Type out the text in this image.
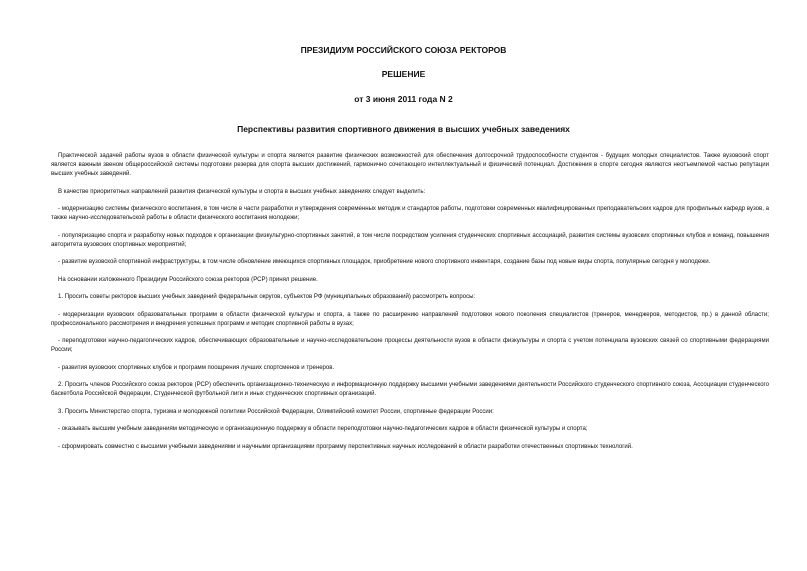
ПРЕЗИДИУМ РОССИЙСКОГО СОЮЗА РЕКТОРОВ
РЕШЕНИЕ
от 3 июня 2011 года N 2
Перспективы развития спортивного движения в высших учебных заведениях

Практической задачей работы вузов в области физической культуры и спорта является развитие физических возможностей для обеспечения долгосрочной трудоспособности студентов - будущих молодых специалистов. Также вузовский спорт является важным звеном общероссийской системы подготовки резерва для спорта высших достижений, гармонично сочетающего интеллектуальный и физический потенциал. Достижения в спорте сегодня являются неотъемлемой частью репутации высших учебных заведений.

В качестве приоритетных направлений развития физической культуры и спорта в высших учебных заведениях следует выделить:

- модернизацию системы физического воспитания, в том числе в части разработки и утверждения современных методик и стандартов работы, подготовки современных квалифицированных преподавательских кадров для профильных кафедр вузов, а также научно-исследовательской работы в области физического воспитания молодежи;

- популяризацию спорта и разработку новых подходов к организации физкультурно-спортивных занятий, в том числе посредством усиления студенческих спортивных ассоциаций, развития системы вузовских спортивных клубов и команд, повышения авторитета вузовских спортивных мероприятий;

- развитие вузовской спортивной инфраструктуры, в том числе обновление имеющихся спортивных площадок, приобретение нового спортивного инвентаря, создание базы под новые виды спорта, популярные сегодня у молодежи.

На основании изложенного Президиум Российского союза ректоров (РСР) принял решение.

1. Просить советы ректоров высших учебных заведений федеральных округов, субъектов РФ (муниципальных образований) рассмотреть вопросы:

- модернизации вузовских образовательных программ в области физической культуры и спорта, а также по расширению направлений подготовки нового поколения специалистов (тренеров, менеджеров, методистов, пр.) в данной области; профессионального рассмотрения и внедрения успешных программ и методик спортивной работы в вузах;

- переподготовки научно-педагогических кадров, обеспечивающих образовательные и научно-исследовательские процессы деятельности вузов в области физкультуры и спорта с учетом потенциала вузовских связей со спортивными федерациями России;

- развития вузовских спортивных клубов и программ поощрения лучших спортсменов и тренеров.

2. Просить членов Российского союза ректоров (РСР) обеспечить организационно-техническую и информационную поддержку высшими учебными заведениями деятельности Российского студенческого спортивного союза, Ассоциации студенческого баскетбола Российской Федерации, Студенческой футбольной лиги и иных студенческих спортивных организаций.

3. Просить Министерство спорта, туризма и молодежной политики Российской Федерации, Олимпийский комитет России, спортивные федерации России:

- оказывать высшим учебным заведениям методическую и организационную поддержку в области переподготовки научно-педагогических кадров в области физической культуры и спорта;

- сформировать совместно с высшими учебными заведениями и научными организациями программу перспективных научных исследований в области разработки отечественных спортивных технологий.
